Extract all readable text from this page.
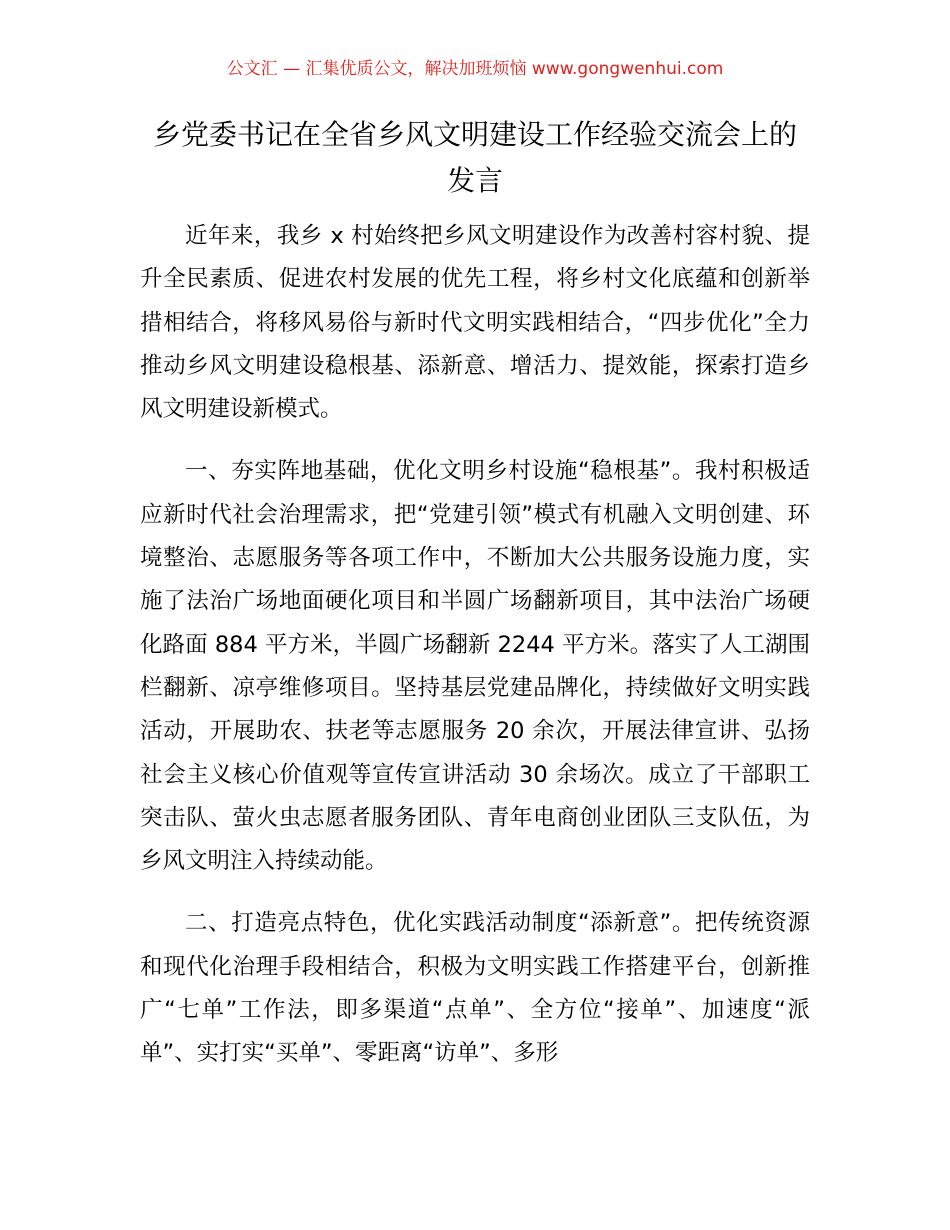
公文汇 — 汇集优质公文，解决加班烦恼 www.gongwenhui.com
乡党委书记在全省乡风文明建设工作经验交流会上的发言

近年来，我乡 x 村始终把乡风文明建设作为改善村容村貌、提升全民素质、促进农村发展的优先工程，将乡村文化底蕴和创新举措相结合，将移风易俗与新时代文明实践相结合，“四步优化”全力推动乡风文明建设稳根基、添新意、增活力、提效能，探索打造乡风文明建设新模式。

一、夯实阵地基础，优化文明乡村设施“稳根基”。我村积极适应新时代社会治理需求，把“党建引领”模式有机融入文明创建、环境整治、志愿服务等各项工作中，不断加大公共服务设施力度，实施了法治广场地面硬化项目和半圆广场翻新项目，其中法治广场硬化路面 884 平方米，半圆广场翻新 2244 平方米。落实了人工湖围栏翻新、凉亭维修项目。坚持基层党建品牌化，持续做好文明实践活动，开展助农、扶老等志愿服务 20 余次，开展法律宣讲、弘扬社会主义核心价值观等宣传宣讲活动 30 余场次。成立了干部职工突击队、萤火虫志愿者服务团队、青年电商创业团队三支队伍，为乡风文明注入持续动能。

二、打造亮点特色，优化实践活动制度“添新意”。把传统资源和现代化治理手段相结合，积极为文明实践工作搭建平台，创新推广“七单”工作法，即多渠道“点单”、全方位“接单”、加速度“派单”、实打实“买单”、零距离“访单”、多形
